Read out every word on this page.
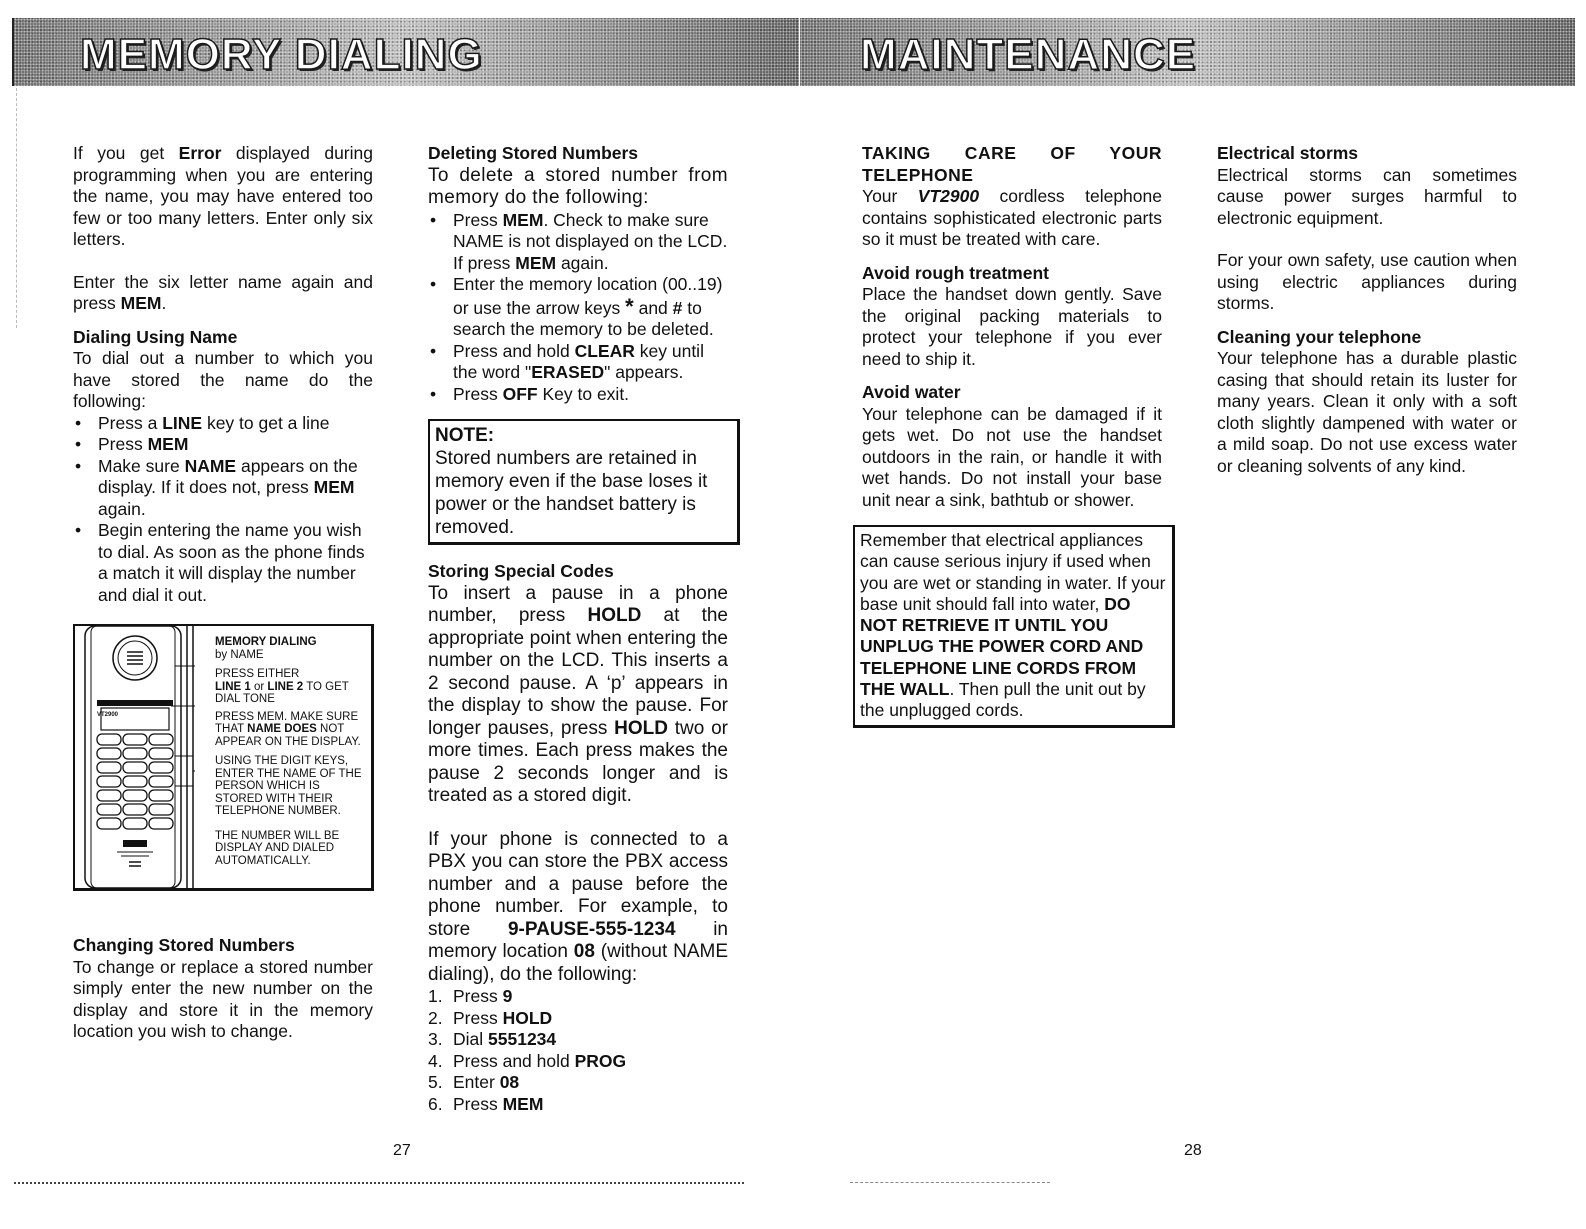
MEMORY DIALING	MAINTENANCE

If you get Error displayed during programming when you are entering the name, you may have entered too few or too many letters. Enter only six letters.

Enter the six letter name again and press MEM.

Dialing Using Name

To dial out a number to which you have stored the name do the following:

• Press a LINE key to get a line
• Press MEM
• Make sure NAME appears on the display. If it does not, press MEM again.
• Begin entering the name you wish to dial. As soon as the phone finds a match it will display the number and dial it out.
MEMORY DIALING
by NAME
PRESS EITHER
LINE 1 or LINE 2 TO GET DIAL TONE
PRESS MEM. MAKE SURE THAT NAME DOES NOT APPEAR ON THE DISPLAY.
USING THE DIGIT KEYS, ENTER THE NAME OF THE PERSON WHICH IS STORED WITH THEIR TELEPHONE NUMBER.
THE NUMBER WILL BE DISPLAY AND DIALED AUTOMATICALLY.
VT2900
Changing Stored Numbers

To change or replace a stored number simply enter the new number on the display and store it in the memory location you wish to change.

Deleting Stored Numbers

To delete a stored number from memory do the following:

• Press MEM. Check to make sure NAME is not displayed on the LCD. If press MEM again.
• Enter the memory location (00..19) or use the arrow keys * and # to search the memory to be deleted.
• Press and hold CLEAR key until the word "ERASED" appears.
• Press OFF Key to exit.
NOTE:
Stored numbers are retained in memory even if the base loses it power or the handset battery is removed.
Storing Special Codes

To insert a pause in a phone number, press HOLD at the appropriate point when entering the number on the LCD. This inserts a 2 second pause. A ‘p’ appears in the display to show the pause. For longer pauses, press HOLD two or more times. Each press makes the pause 2 seconds longer and is treated as a stored digit.

If your phone is connected to a PBX you can store the PBX access number and a pause before the phone number. For example, to store 9-PAUSE-555-1234 in memory location 08 (without NAME dialing), do the following:

1. Press 9
2. Press HOLD
3. Dial 5551234
4. Press and hold PROG
5. Enter 08
6. Press MEM
TAKING CARE OF YOUR TELEPHONE

Your VT2900 cordless telephone contains sophisticated electronic parts so it must be treated with care.

Avoid rough treatment

Place the handset down gently. Save the original packing materials to protect your telephone if you ever need to ship it.

Avoid water

Your telephone can be damaged if it gets wet. Do not use the handset outdoors in the rain, or handle it with wet hands. Do not install your base unit near a sink, bathtub or shower.

Remember that electrical appliances can cause serious injury if used when you are wet or standing in water. If your base unit should fall into water, DO NOT RETRIEVE IT UNTIL YOU UNPLUG THE POWER CORD AND TELEPHONE LINE CORDS FROM THE WALL. Then pull the unit out by the unplugged cords.
Electrical storms

Electrical storms can sometimes cause power surges harmful to electronic equipment.

For your own safety, use caution when using electric appliances during storms.

Cleaning your telephone

Your telephone has a durable plastic casing that should retain its luster for many years. Clean it only with a soft cloth slightly dampened with water or a mild soap. Do not use excess water or cleaning solvents of any kind.

27	28
